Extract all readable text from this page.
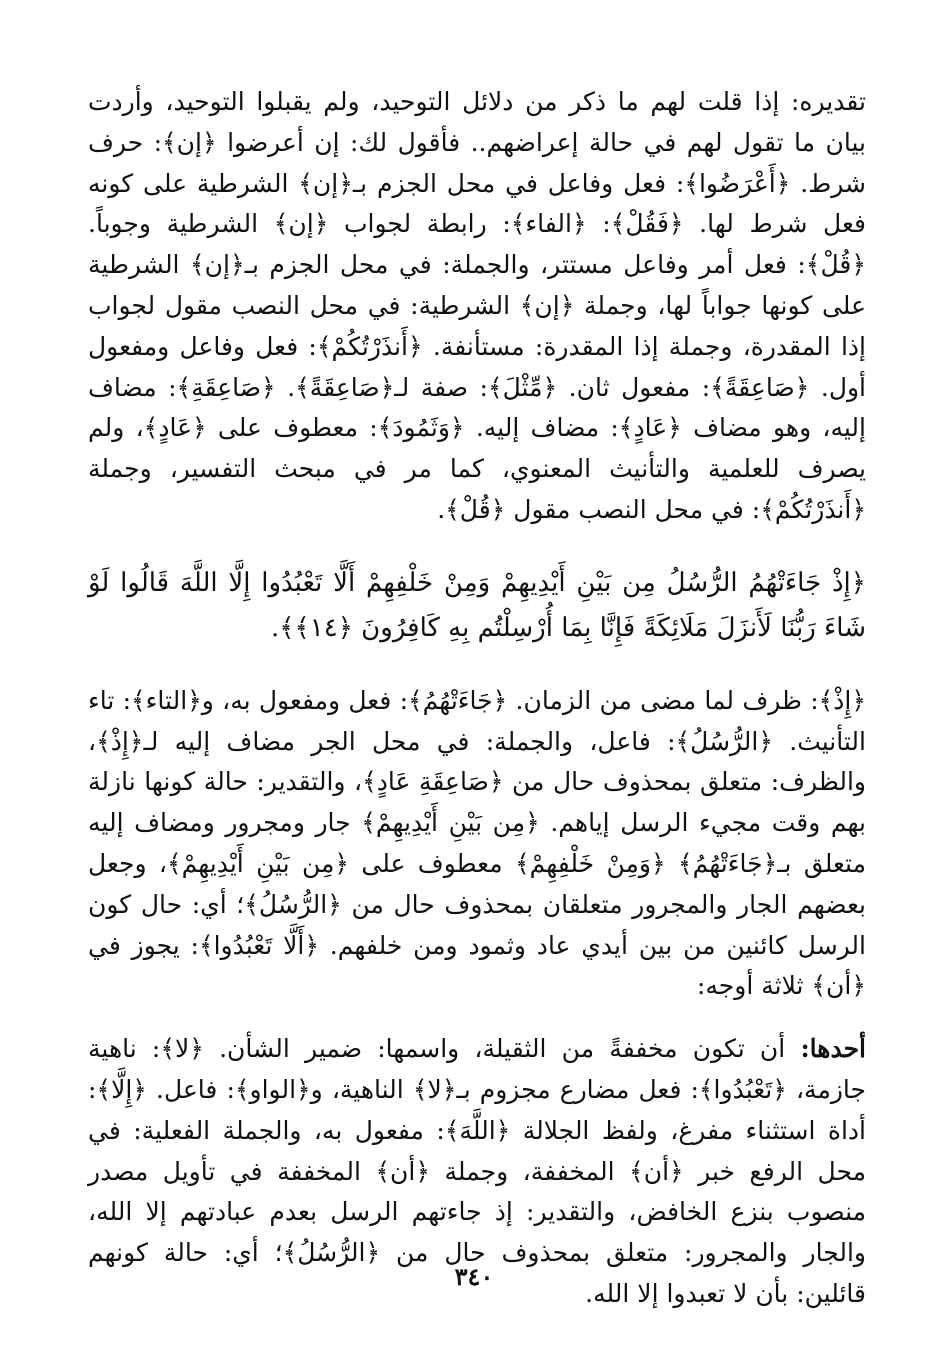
تقديره: إذا قلت لهم ما ذكر من دلائل التوحيد، ولم يقبلوا التوحيد، وأردت بيان ما تقول لهم في حالة إعراضهم.. فأقول لك: إن أعرضوا ﴿إن﴾: حرف شرط. ﴿أَعْرَضُوا﴾: فعل وفاعل في محل الجزم بـ﴿إن﴾ الشرطية على كونه فعل شرط لها. ﴿فَقُلْ﴾: ﴿الفاء﴾: رابطة لجواب ﴿إن﴾ الشرطية وجوباً. ﴿قُلْ﴾: فعل أمر وفاعل مستتر، والجملة: في محل الجزم بـ﴿إن﴾ الشرطية على كونها جواباً لها، وجملة ﴿إن﴾ الشرطية: في محل النصب مقول لجواب إذا المقدرة، وجملة إذا المقدرة: مستأنفة. ﴿أَنذَرْتُكُمْ﴾: فعل وفاعل ومفعول أول. ﴿صَاعِقَةً﴾: مفعول ثان. ﴿مِّثْلَ﴾: صفة لـ﴿صَاعِقَةً﴾. ﴿صَاعِقَةِ﴾: مضاف إليه، وهو مضاف ﴿عَادٍ﴾: مضاف إليه. ﴿وَثَمُودَ﴾: معطوف على ﴿عَادٍ﴾، ولم يصرف للعلمية والتأنيث المعنوي، كما مر في مبحث التفسير، وجملة ﴿أَنذَرْتُكُمْ﴾: في محل النصب مقول ﴿قُلْ﴾.

﴿إِذْ جَاءَتْهُمُ الرُّسُلُ مِن بَيْنِ أَيْدِيهِمْ وَمِنْ خَلْفِهِمْ أَلَّا تَعْبُدُوا إِلَّا اللَّهَ قَالُوا لَوْ شَاءَ رَبُّنَا لَأَنزَلَ مَلَائِكَةً فَإِنَّا بِمَا أُرْسِلْتُم بِهِ كَافِرُونَ ﴿١٤﴾﴾.

﴿إِذْ﴾: ظرف لما مضى من الزمان. ﴿جَاءَتْهُمُ﴾: فعل ومفعول به، و﴿التاء﴾: تاء التأنيث. ﴿الرُّسُلُ﴾: فاعل، والجملة: في محل الجر مضاف إليه لـ﴿إِذْ﴾، والظرف: متعلق بمحذوف حال من ﴿صَاعِقَةِ عَادٍ﴾، والتقدير: حالة كونها نازلة بهم وقت مجيء الرسل إياهم. ﴿مِن بَيْنِ أَيْدِيهِمْ﴾ جار ومجرور ومضاف إليه متعلق بـ﴿جَاءَتْهُمُ﴾ ﴿وَمِنْ خَلْفِهِمْ﴾ معطوف على ﴿مِن بَيْنِ أَيْدِيهِمْ﴾، وجعل بعضهم الجار والمجرور متعلقان بمحذوف حال من ﴿الرُّسُلُ﴾؛ أي: حال كون الرسل كائنين من بين أيدي عاد وثمود ومن خلفهم. ﴿أَلَّا تَعْبُدُوا﴾: يجوز في ﴿أن﴾ ثلاثة أوجه:

أحدها: أن تكون مخففةً من الثقيلة، واسمها: ضمير الشأن. ﴿لا﴾: ناهية جازمة، ﴿تَعْبُدُوا﴾: فعل مضارع مجزوم بـ﴿لا﴾ الناهية، و﴿الواو﴾: فاعل. ﴿إِلَّا﴾: أداة استثناء مفرغ، ولفظ الجلالة ﴿اللَّهَ﴾: مفعول به، والجملة الفعلية: في محل الرفع خبر ﴿أن﴾ المخففة، وجملة ﴿أن﴾ المخففة في تأويل مصدر منصوب بنزع الخافض، والتقدير: إذ جاءتهم الرسل بعدم عبادتهم إلا الله، والجار والمجرور: متعلق بمحذوف حال من ﴿الرُّسُلُ﴾؛ أي: حالة كونهم قائلين: بأن لا تعبدوا إلا الله.

٣٤٠
